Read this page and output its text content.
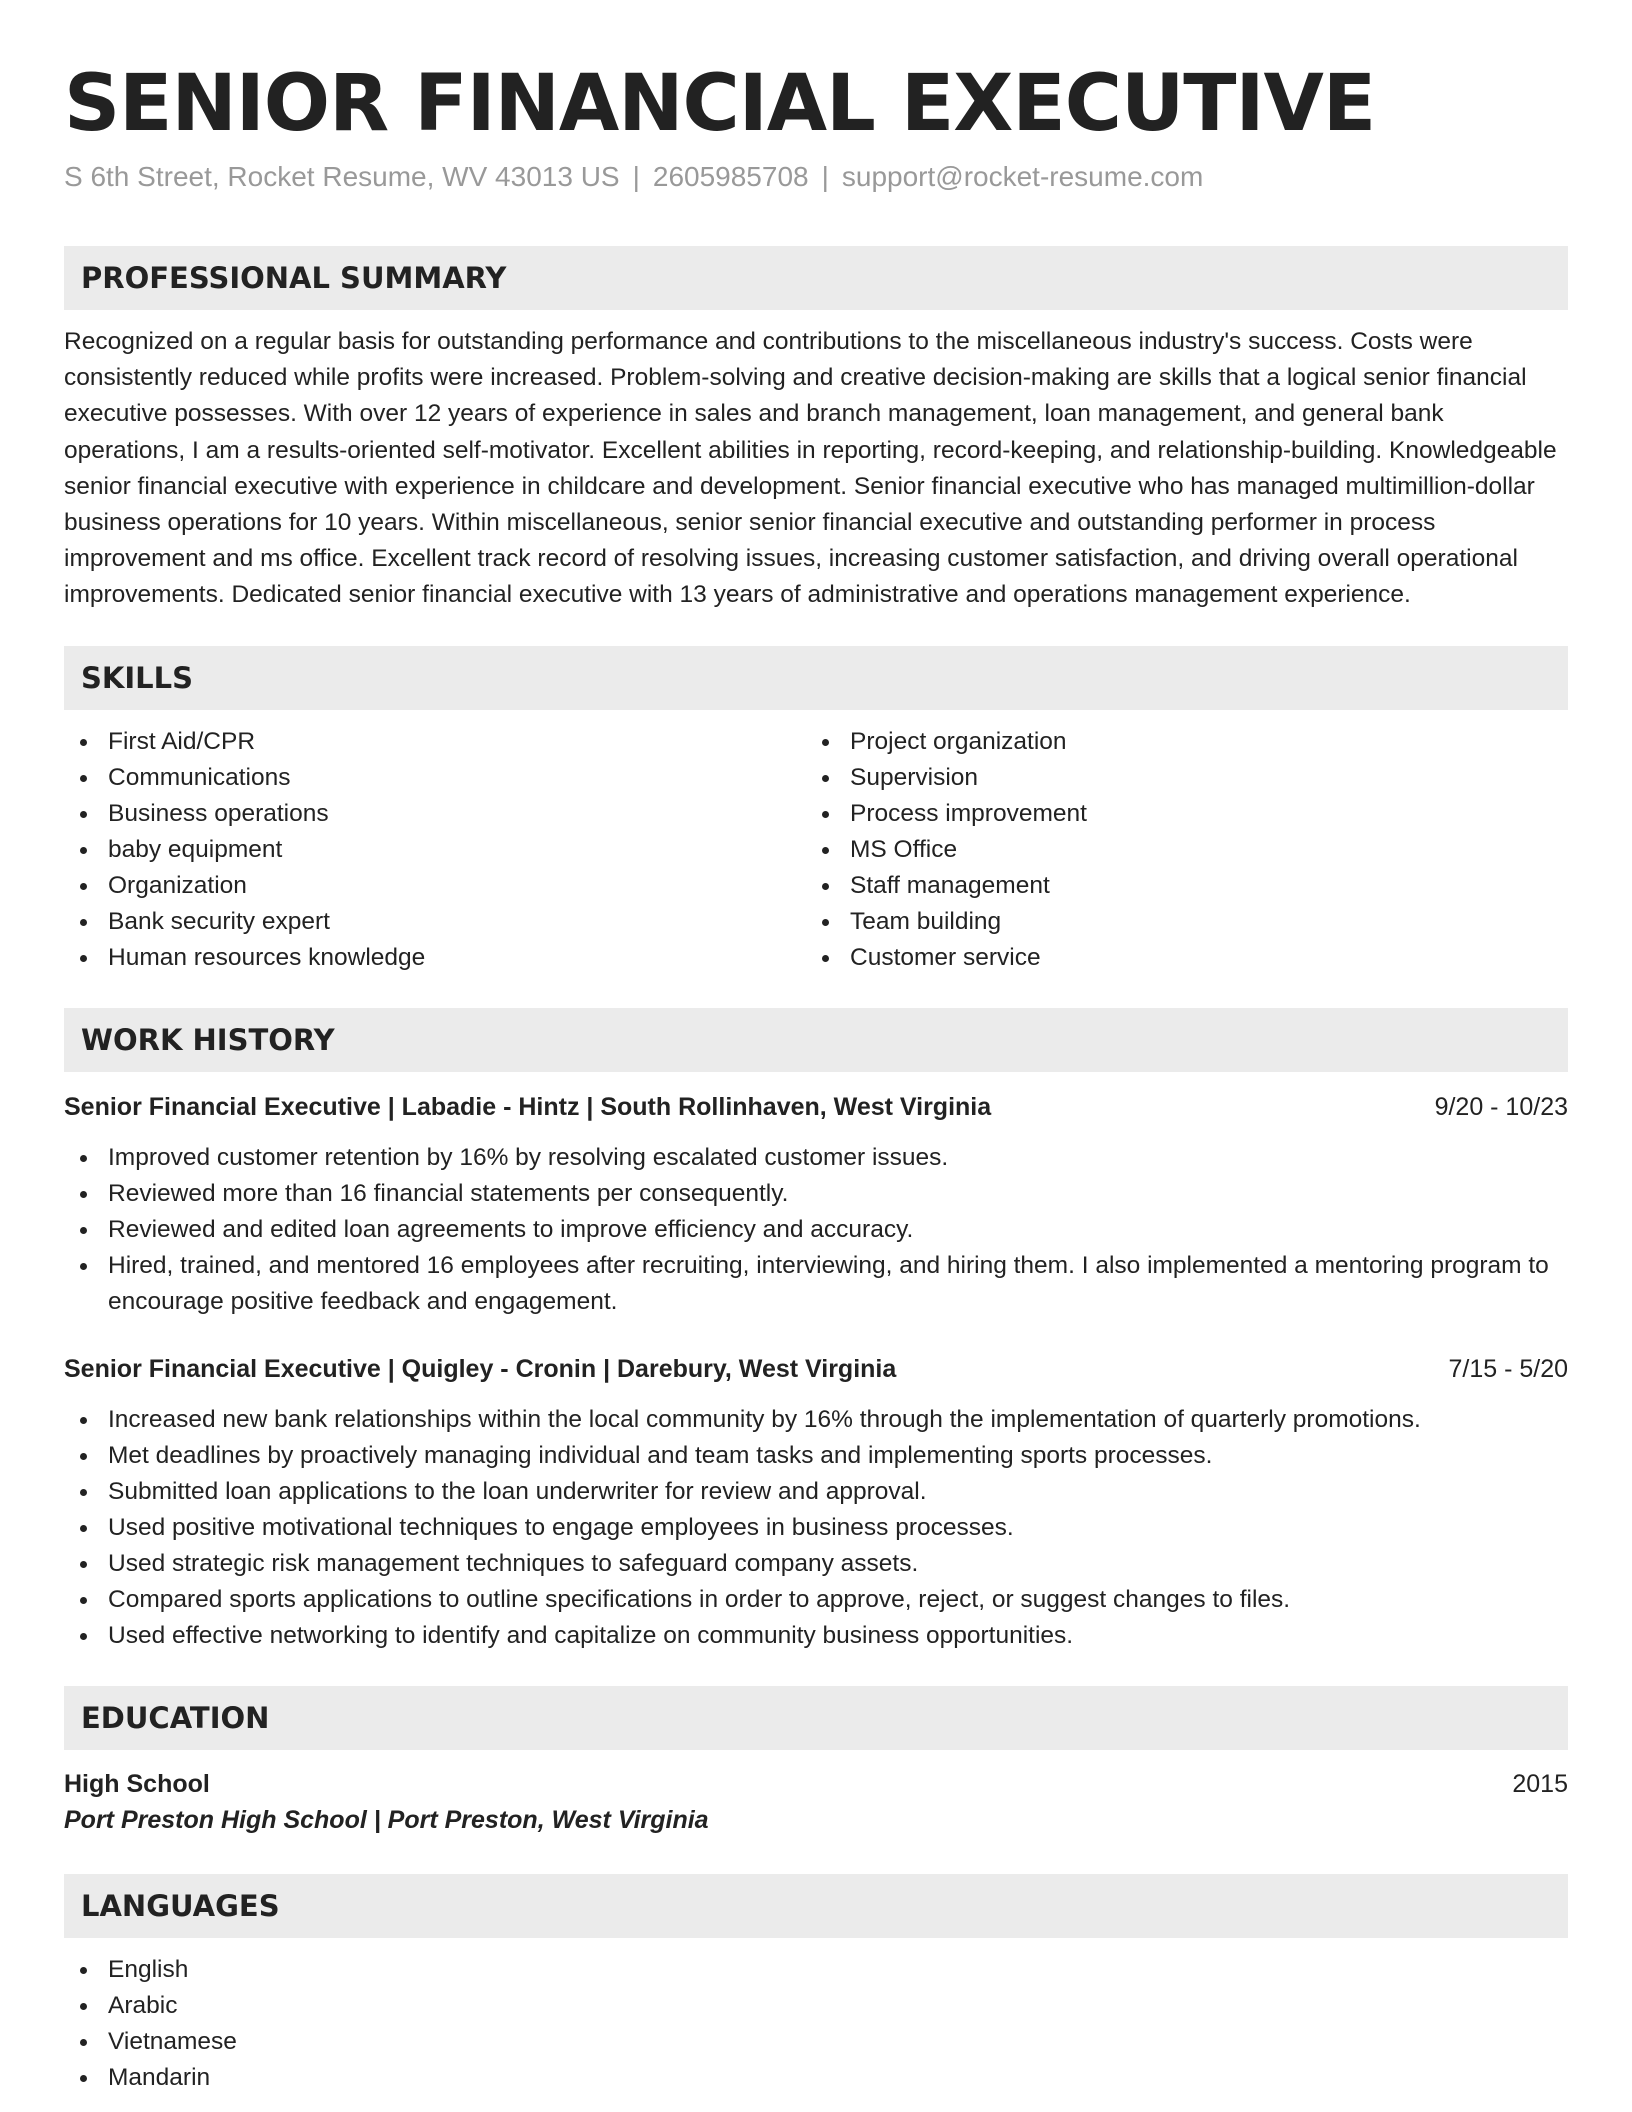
SENIOR FINANCIAL EXECUTIVE
S 6th Street, Rocket Resume, WV 43013 US | 2605985708 | support@rocket-resume.com
PROFESSIONAL SUMMARY

Recognized on a regular basis for outstanding performance and contributions to the miscellaneous industry's success. Costs were consistently reduced while profits were increased. Problem-solving and creative decision-making are skills that a logical senior financial executive possesses. With over 12 years of experience in sales and branch management, loan management, and general bank operations, I am a results-oriented self-motivator. Excellent abilities in reporting, record-keeping, and relationship-building. Knowledgeable senior financial executive with experience in childcare and development. Senior financial executive who has managed multimillion-dollar business operations for 10 years. Within miscellaneous, senior senior financial executive and outstanding performer in process improvement and ms office. Excellent track record of resolving issues, increasing customer satisfaction, and driving overall operational improvements. Dedicated senior financial executive with 13 years of administrative and operations management experience.

SKILLS
First Aid/CPR
Communications
Business operations
baby equipment
Organization
Bank security expert
Human resources knowledge
Project organization
Supervision
Process improvement
MS Office
Staff management
Team building
Customer service
WORK HISTORY
Senior Financial Executive | Labadie - Hintz | South Rollinhaven, West Virginia	9/20 - 10/23
Improved customer retention by 16% by resolving escalated customer issues.
Reviewed more than 16 financial statements per consequently.
Reviewed and edited loan agreements to improve efficiency and accuracy.
Hired, trained, and mentored 16 employees after recruiting, interviewing, and hiring them. I also implemented a mentoring program to encourage positive feedback and engagement.
Senior Financial Executive | Quigley - Cronin | Darebury, West Virginia	7/15 - 5/20
Increased new bank relationships within the local community by 16% through the implementation of quarterly promotions.
Met deadlines by proactively managing individual and team tasks and implementing sports processes.
Submitted loan applications to the loan underwriter for review and approval.
Used positive motivational techniques to engage employees in business processes.
Used strategic risk management techniques to safeguard company assets.
Compared sports applications to outline specifications in order to approve, reject, or suggest changes to files.
Used effective networking to identify and capitalize on community business opportunities.
EDUCATION
High School	2015
Port Preston High School | Port Preston, West Virginia
LANGUAGES
English
Arabic
Vietnamese
Mandarin
